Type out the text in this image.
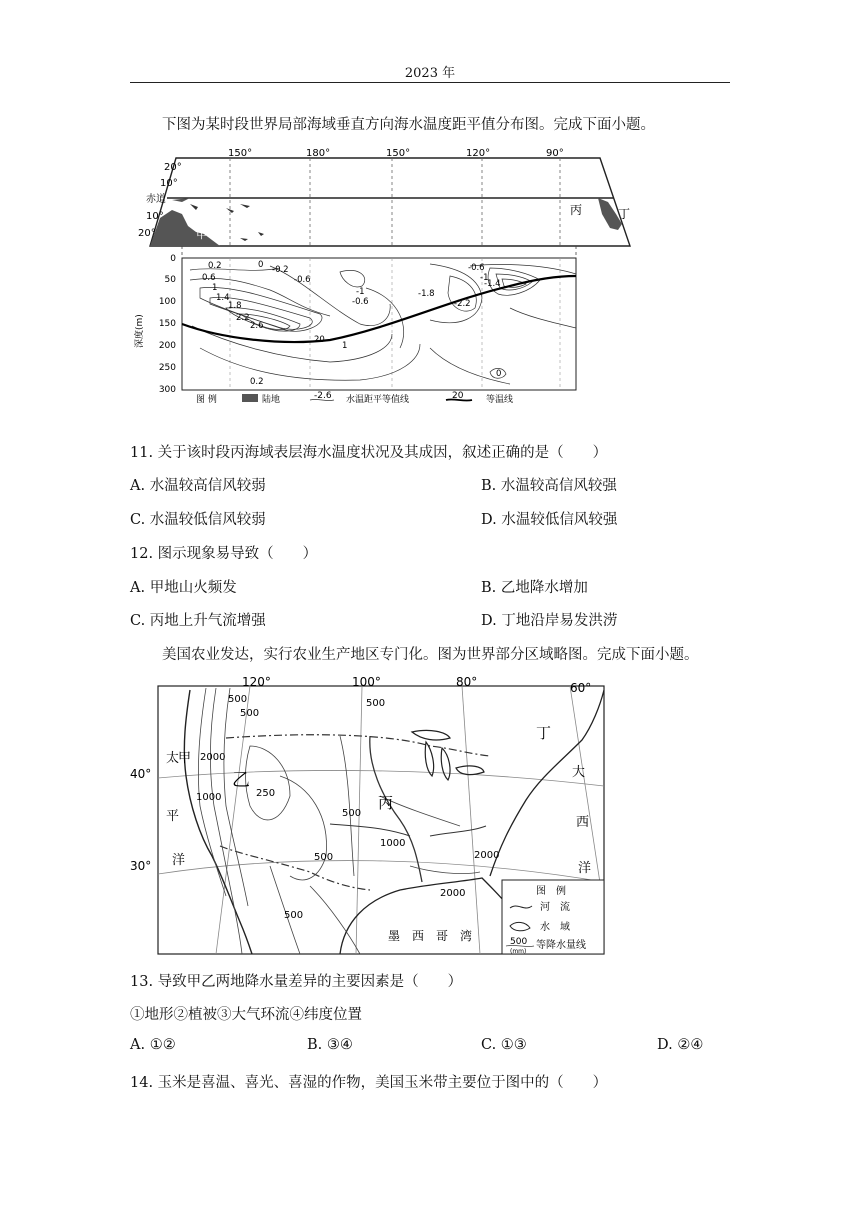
2023 年
下图为某时段世界局部海域垂直方向海水温度距平值分布图。完成下面小题。
150°	180°	150°	120°	90°
20°
10°
赤道
10°
20°	甲
丙	丁
0
50
100
150
200
250
300
深度(m)
0.2	0 -0.2
-0.6
0.6
1
1.4
1.8
2.2
2.6
20
1
-1
-0.6
-0.6
-1
-1.4
-1.8
-2.2
0
0.2
图 例	陆地	-2.6 水温距平等值线	20	等温线
11. 关于该时段丙海域表层海水温度状况及其成因，叙述正确的是（　　）
A. 水温较高信风较弱	B. 水温较高信风较强
C. 水温较低信风较弱	D. 水温较低信风较强
12. 图示现象易导致（　　）
A. 甲地山火频发	B. 乙地降水增加
C. 丙地上升气流增强	D. 丁地沿岸易发洪涝
美国农业发达，实行农业生产地区专门化。图为世界部分区域略图。完成下面小题。
120°	100°	80°	60°
40°
30°
太
甲
平
洋
乙
丙
丁
大
西
洋
500
500
2000
1000	250
500
500
1000
2000
2000
500
500
墨　西　哥　湾
图　例
河　流
水　域
500
(mm)
等降水量线
13. 导致甲乙两地降水量差异的主要因素是（　　）
①地形②植被③大气环流④纬度位置
A. ①②	B. ③④	C. ①③	D. ②④
14. 玉米是喜温、喜光、喜湿的作物，美国玉米带主要位于图中的（　　）
